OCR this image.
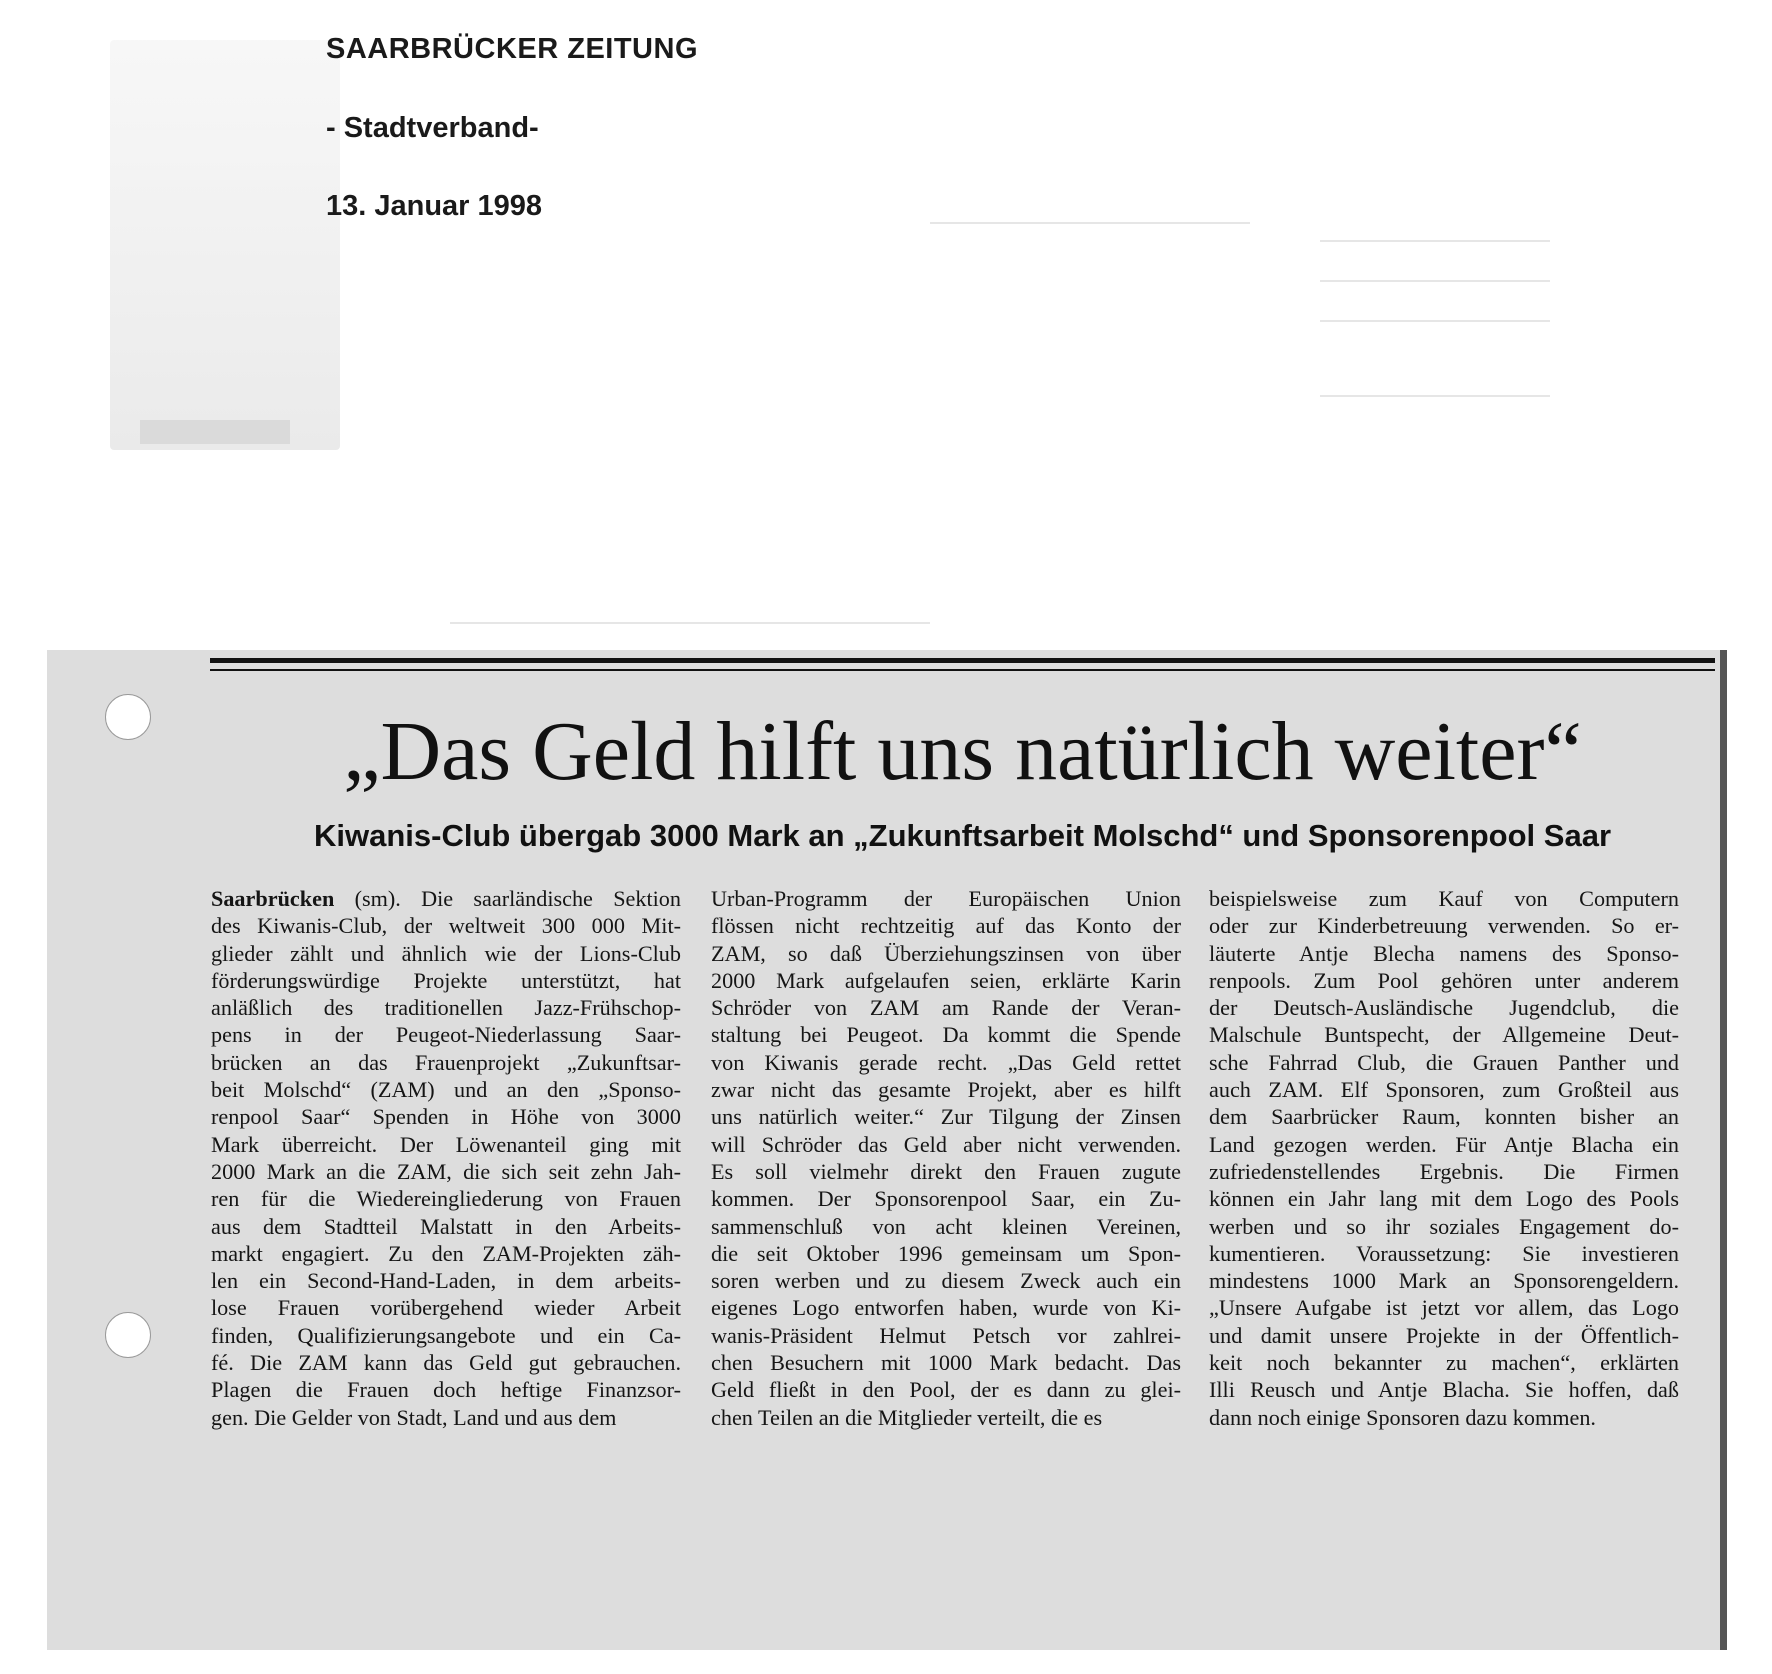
SAARBRÜCKER ZEITUNG
- Stadtverband-
13. Januar 1998
„Das Geld hilft uns natürlich weiter“
Kiwanis-Club übergab 3000 Mark an „Zukunftsarbeit Molschd“ und Sponsorenpool Saar
Saarbrücken (sm). Die saarländische Sektion
des Kiwanis-Club, der weltweit 300 000 Mit-
glieder zählt und ähnlich wie der Lions-Club
förderungswürdige Projekte unterstützt, hat
anläßlich des traditionellen Jazz-Frühschop-
pens in der Peugeot-Niederlassung Saar-
brücken an das Frauenprojekt „Zukunftsar-
beit Molschd“ (ZAM) und an den „Sponso-
renpool Saar“ Spenden in Höhe von 3000
Mark überreicht. Der Löwenanteil ging mit
2000 Mark an die ZAM, die sich seit zehn Jah-
ren für die Wiedereingliederung von Frauen
aus dem Stadtteil Malstatt in den Arbeits-
markt engagiert. Zu den ZAM-Projekten zäh-
len ein Second-Hand-Laden, in dem arbeits-
lose Frauen vorübergehend wieder Arbeit
finden, Qualifizierungsangebote und ein Ca-
fé. Die ZAM kann das Geld gut gebrauchen.
Plagen die Frauen doch heftige Finanzsor-
gen. Die Gelder von Stadt, Land und aus dem
Urban-Programm der Europäischen Union
flössen nicht rechtzeitig auf das Konto der
ZAM, so daß Überziehungszinsen von über
2000 Mark aufgelaufen seien, erklärte Karin
Schröder von ZAM am Rande der Veran-
staltung bei Peugeot. Da kommt die Spende
von Kiwanis gerade recht. „Das Geld rettet
zwar nicht das gesamte Projekt, aber es hilft
uns natürlich weiter.“ Zur Tilgung der Zinsen
will Schröder das Geld aber nicht verwenden.
Es soll vielmehr direkt den Frauen zugute
kommen. Der Sponsorenpool Saar, ein Zu-
sammenschluß von acht kleinen Vereinen,
die seit Oktober 1996 gemeinsam um Spon-
soren werben und zu diesem Zweck auch ein
eigenes Logo entworfen haben, wurde von Ki-
wanis-Präsident Helmut Petsch vor zahlrei-
chen Besuchern mit 1000 Mark bedacht. Das
Geld fließt in den Pool, der es dann zu glei-
chen Teilen an die Mitglieder verteilt, die es
beispielsweise zum Kauf von Computern
oder zur Kinderbetreuung verwenden. So er-
läuterte Antje Blecha namens des Sponso-
renpools. Zum Pool gehören unter anderem
der Deutsch-Ausländische Jugendclub, die
Malschule Buntspecht, der Allgemeine Deut-
sche Fahrrad Club, die Grauen Panther und
auch ZAM. Elf Sponsoren, zum Großteil aus
dem Saarbrücker Raum, konnten bisher an
Land gezogen werden. Für Antje Blacha ein
zufriedenstellendes Ergebnis. Die Firmen
können ein Jahr lang mit dem Logo des Pools
werben und so ihr soziales Engagement do-
kumentieren. Voraussetzung: Sie investieren
mindestens 1000 Mark an Sponsorengeldern.
„Unsere Aufgabe ist jetzt vor allem, das Logo
und damit unsere Projekte in der Öffentlich-
keit noch bekannter zu machen“, erklärten
Illi Reusch und Antje Blacha. Sie hoffen, daß
dann noch einige Sponsoren dazu kommen.
